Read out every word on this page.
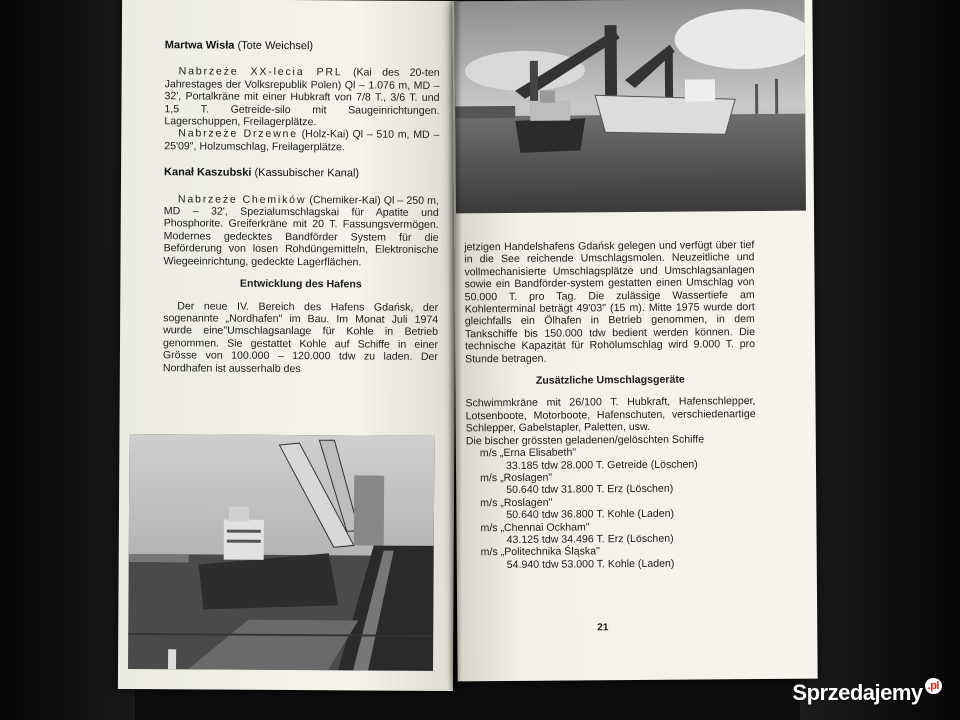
Martwa Wisła (Tote Weichsel)

Nabrzeże XX-lecia PRL (Kai des 20-ten Jahrestages der Volksrepublik Polen) Ql – 1.076 m, MD – 32', Portalkräne mit einer Hubkraft von 7/8 T., 3/6 T. und 1,5 T. Getreide-silo mit Saugeinrichtungen. Lagerschuppen, Freilagerplätze.

Nabrzeże Drzewne (Holz-Kai) Ql – 510 m, MD – 25'09", Holzumschlag, Freilagerplätze.

Kanał Kaszubski (Kassubischer Kanal)

Nabrzeże Chemików (Chemiker-Kai) Ql – 250 m, MD – 32', Spezialumschlagskai für Apatite und Phosphorite. Greiferkräne mit 20 T. Fassungsvermögen. Modernes gedecktes Bandförder System für die Beförderung von losen Rohdüngemitteln, Elektronische Wiegeeinrichtung, gedeckte Lagerflächen.

Entwicklung des Hafens

Der neue IV. Bereich des Hafens Gdańsk, der sogenannte „Nordhafen" im Bau. Im Monat Juli 1974 wurde eine"Umschlagsanlage für Kohle in Betrieb genommen. Sie gestattet Kohle auf Schiffe in einer Grösse von 100.000 – 120.000 tdw zu laden. Der Nordhafen ist ausserhalb des

jetzigen Handelshafens Gdańsk gelegen und verfügt über tief in die See reichende Umschlagsmolen. Neuzeitliche und vollmechanisierte Umschlagsplätze und Umschlagsanlagen sowie ein Bandförder-system gestatten einen Umschlag von 50.000 T. pro Tag. Die zulässige Wassertiefe am Kohlenterminal beträgt 49'03" (15 m). Mitte 1975 wurde dort gleichfalls ein Ölhafen in Betrieb genommen, in dem Tankschiffe bis 150.000 tdw bedient werden können. Die technische Kapazität für Rohölumschlag wird 9.000 T. pro Stunde betragen.

Zusätzliche Umschlagsgeräte

Schwimmkräne mit 26/100 T. Hubkraft, Hafenschlepper, Lotsenboote, Motorboote, Hafenschuten, verschiedenartige Schlepper, Gabelstapler, Paletten, usw.

Die bischer grössten geladenen/gelöschten Schiffe

m/s „Erna Elisabeth"
33.185 tdw 28.000 T. Getreide (Löschen)
m/s „Roslagen"
50.640 tdw 31.800 T. Erz (Löschen)
m/s „Roslagen"
50.640 tdw 36.800 T. Kohle (Laden)
m/s „Chennai Ockham"
43.125 tdw 34.496 T. Erz (Löschen)
m/s „Politechnika Śląska"
54.940 tdw 53.000 T. Kohle (Laden)
21
Sprzedajemy $^{.pl}$
